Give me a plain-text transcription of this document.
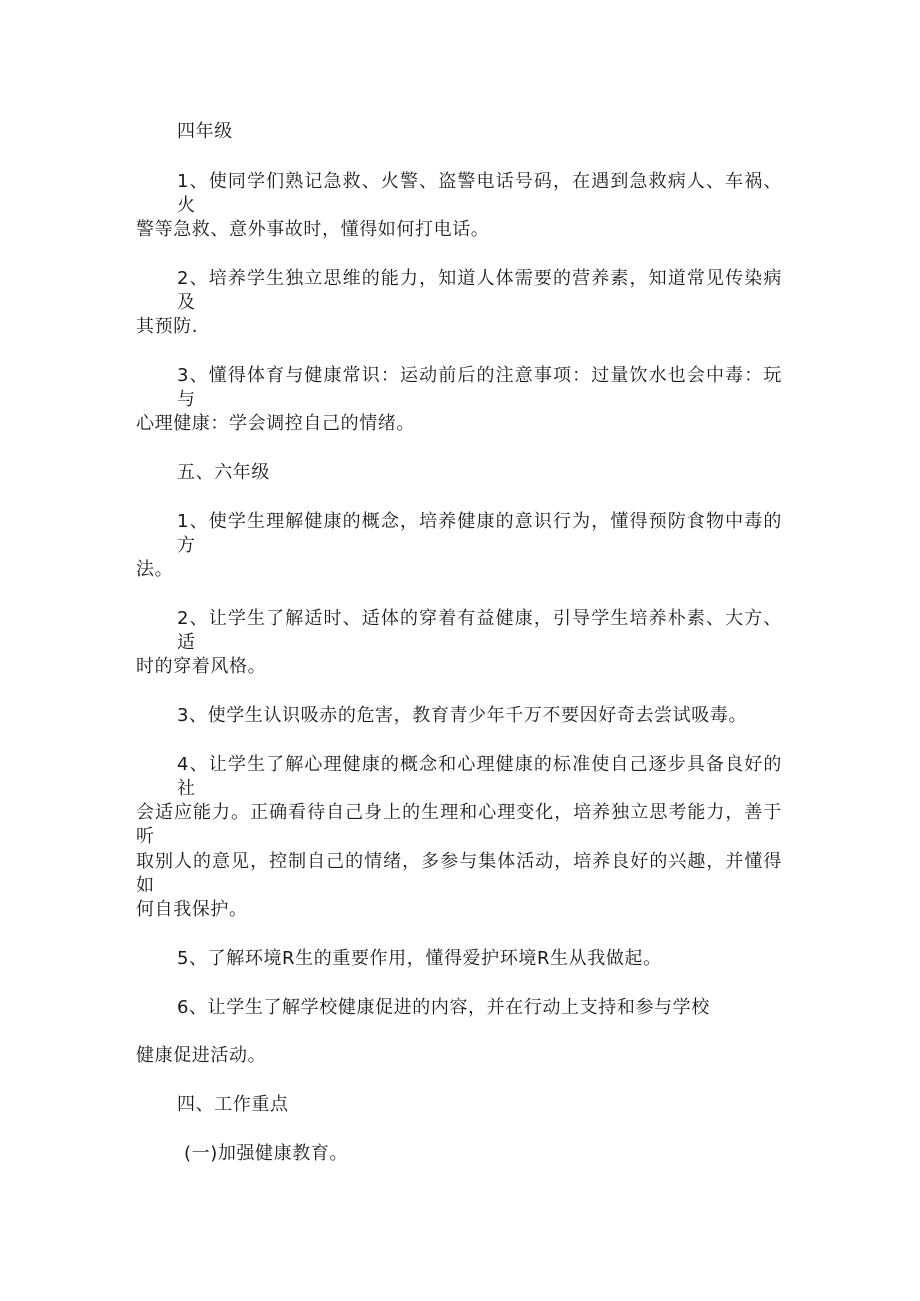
四年级
1、使同学们熟记急救、火警、盗警电话号码，在遇到急救病人、车祸、火
警等急救、意外事故时，懂得如何打电话。
2、培养学生独立思维的能力，知道人体需要的营养素，知道常见传染病及
其预防.
3、懂得体育与健康常识：运动前后的注意事项：过量饮水也会中毒：玩与
心理健康：学会调控自己的情绪。
五、六年级
1、使学生理解健康的概念，培养健康的意识行为，懂得预防食物中毒的方
法。
2、让学生了解适时、适体的穿着有益健康，引导学生培养朴素、大方、适
时的穿着风格。
3、使学生认识吸赤的危害，教育青少年千万不要因好奇去尝试吸毒。
4、让学生了解心理健康的概念和心理健康的标准使自己逐步具备良好的社
会适应能力。正确看待自己身上的生理和心理变化，培养独立思考能力，善于听
取别人的意见，控制自己的情绪，多参与集体活动，培养良好的兴趣，并懂得如
何自我保护。
5、了解环境R生的重要作用，懂得爱护环境R生从我做起。
6、让学生了解学校健康促进的内容，并在行动上支持和参与学校
健康促进活动。
四、工作重点
(一)加强健康教育。
